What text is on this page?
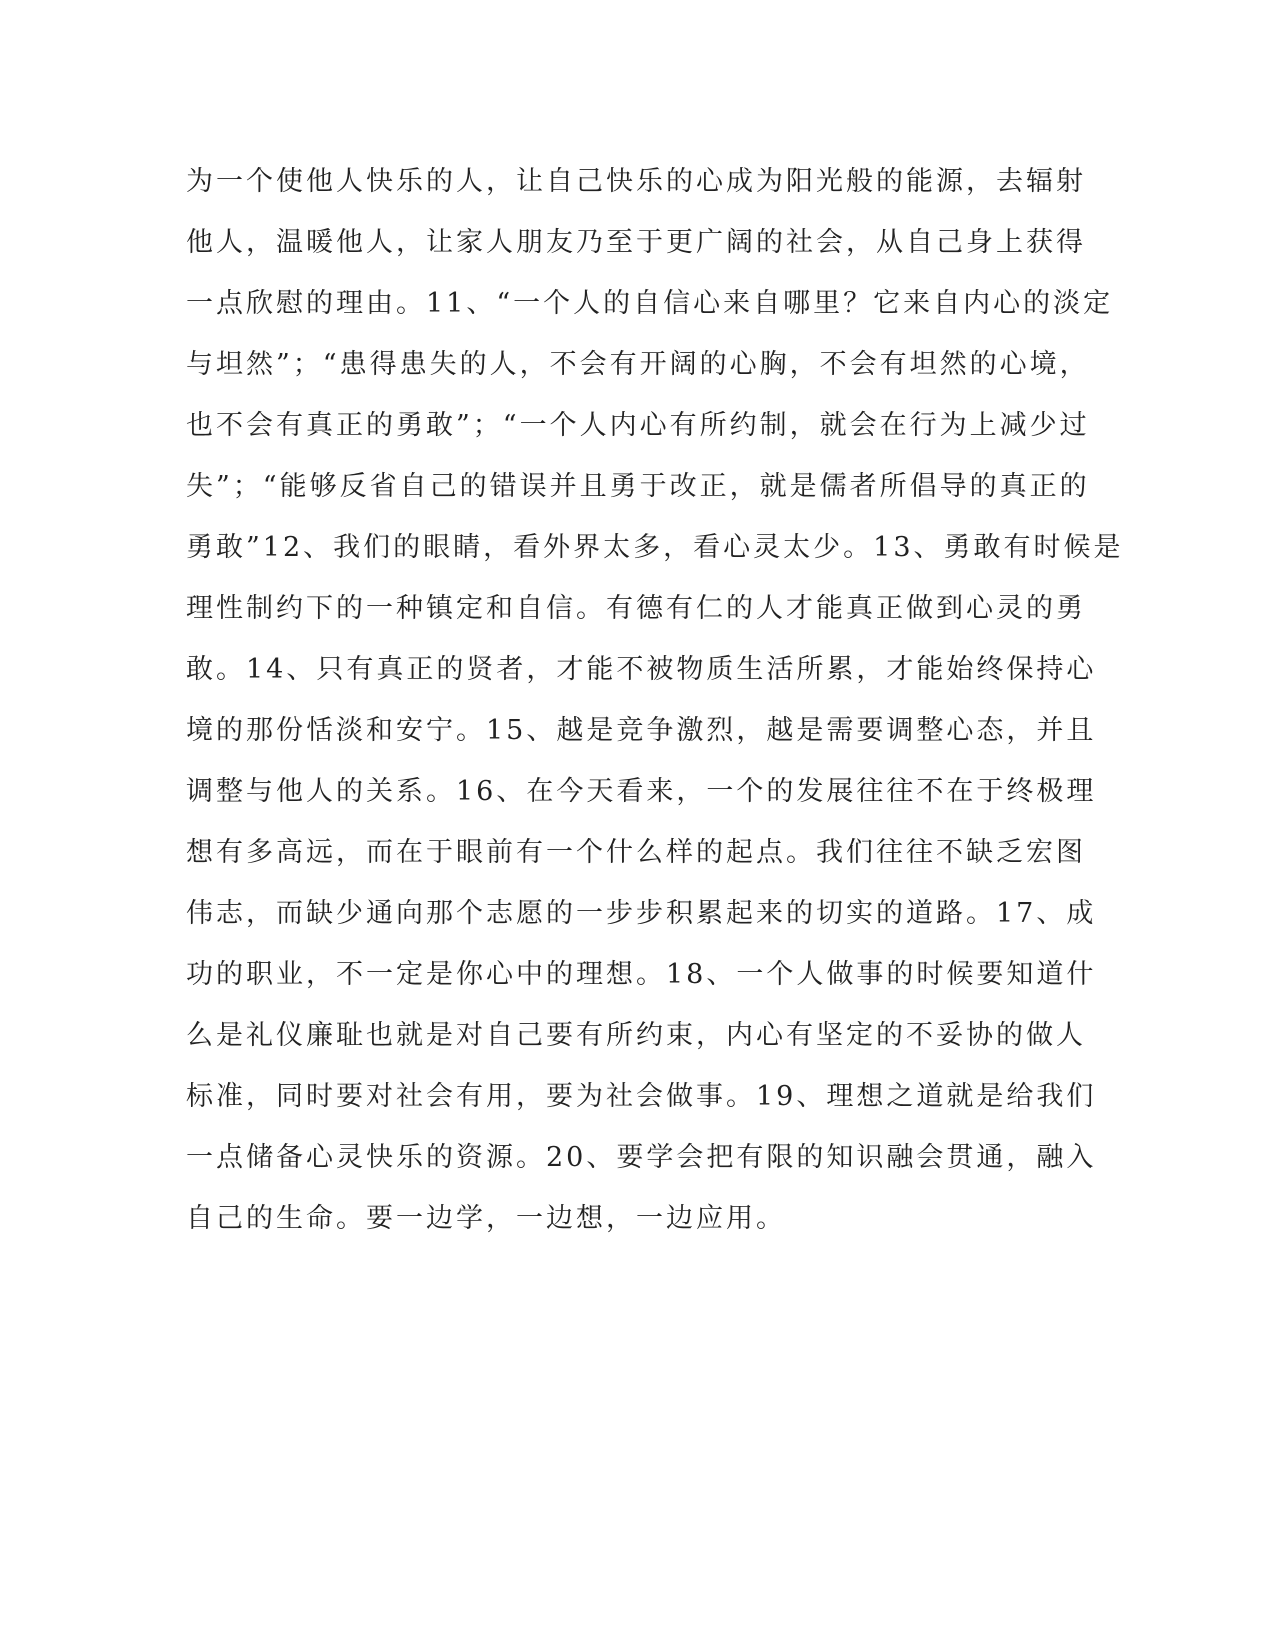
为一个使他人快乐的人，让自己快乐的心成为阳光般的能源，去辐射
他人，温暖他人，让家人朋友乃至于更广阔的社会，从自己身上获得
一点欣慰的理由。11、“一个人的自信心来自哪里？它来自内心的淡定
与坦然”；“患得患失的人，不会有开阔的心胸，不会有坦然的心境，
也不会有真正的勇敢”；“一个人内心有所约制，就会在行为上减少过
失”；“能够反省自己的错误并且勇于改正，就是儒者所倡导的真正的
勇敢”12、我们的眼睛，看外界太多，看心灵太少。13、勇敢有时候是
理性制约下的一种镇定和自信。有德有仁的人才能真正做到心灵的勇
敢。14、只有真正的贤者，才能不被物质生活所累，才能始终保持心
境的那份恬淡和安宁。15、越是竞争激烈，越是需要调整心态，并且
调整与他人的关系。16、在今天看来，一个的发展往往不在于终极理
想有多高远，而在于眼前有一个什么样的起点。我们往往不缺乏宏图
伟志，而缺少通向那个志愿的一步步积累起来的切实的道路。17、成
功的职业，不一定是你心中的理想。18、一个人做事的时候要知道什
么是礼仪廉耻也就是对自己要有所约束，内心有坚定的不妥协的做人
标准，同时要对社会有用，要为社会做事。19、理想之道就是给我们
一点储备心灵快乐的资源。20、要学会把有限的知识融会贯通，融入
自己的生命。要一边学，一边想，一边应用。
